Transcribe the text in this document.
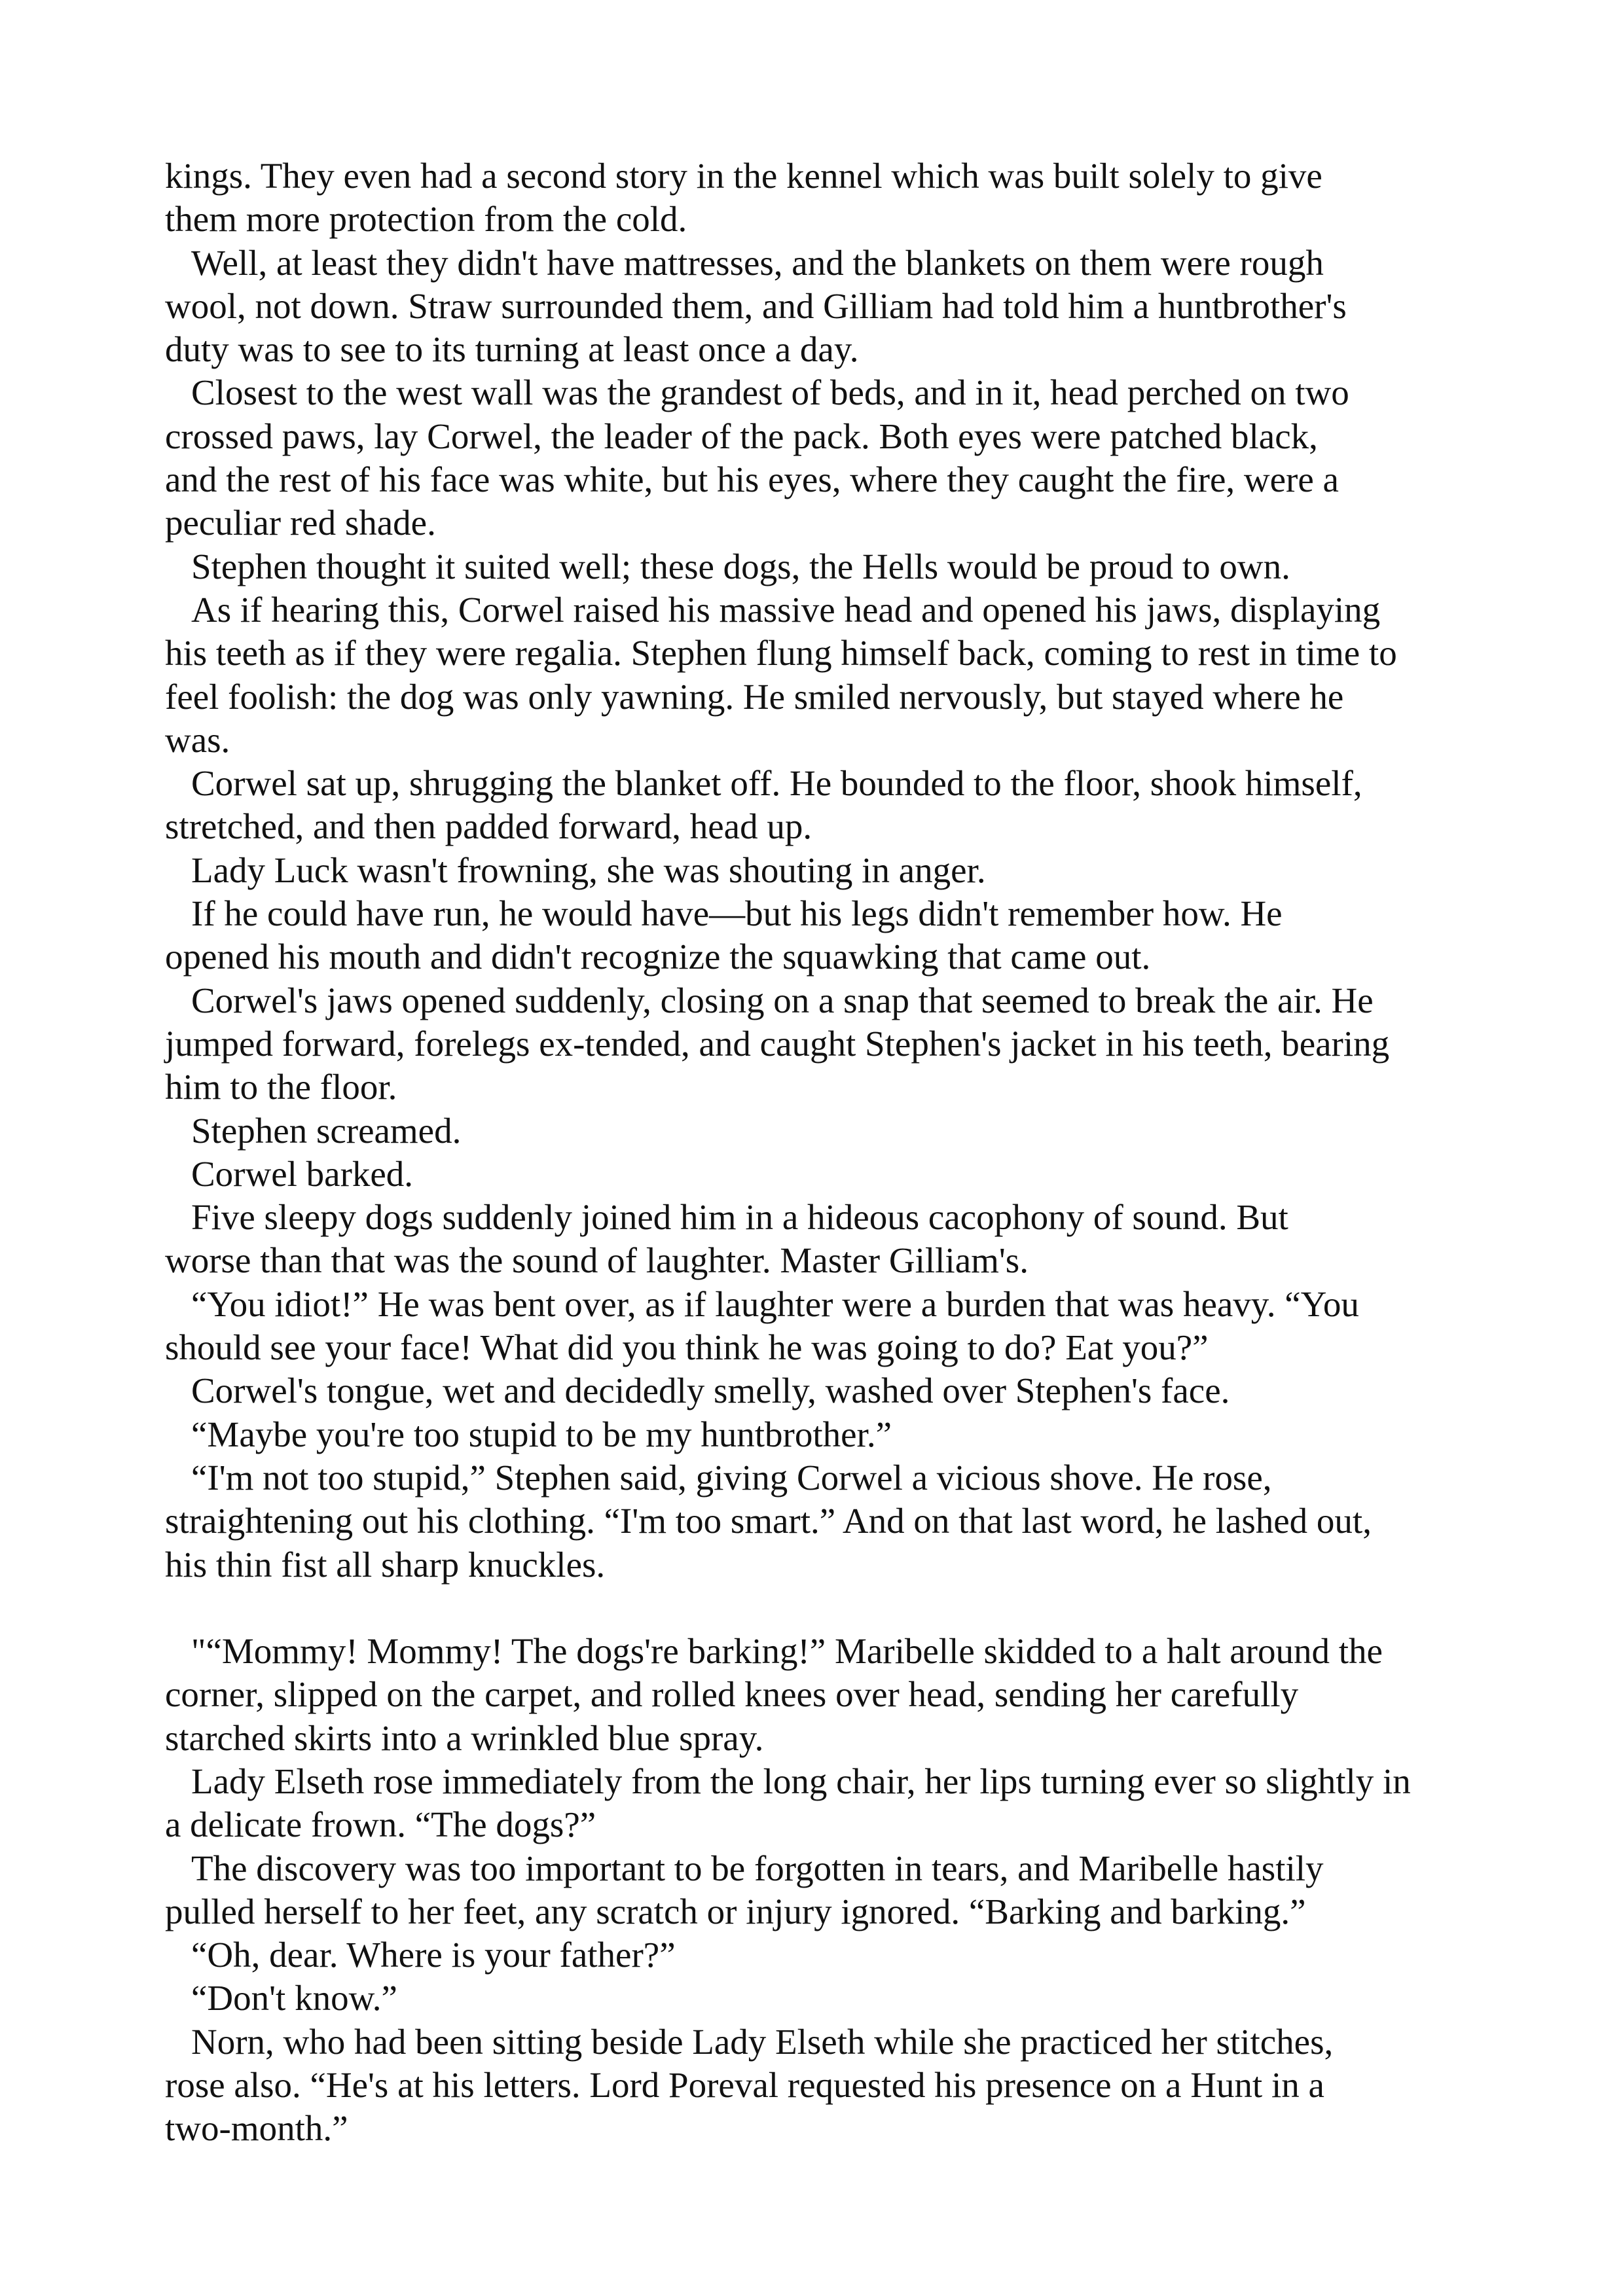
kings. They even had a second story in the kennel which was built solely to give
them more protection from the cold.
Well, at least they didn't have mattresses, and the blankets on them were rough
wool, not down. Straw surrounded them, and Gilliam had told him a huntbrother's
duty was to see to its turning at least once a day.
Closest to the west wall was the grandest of beds, and in it, head perched on two
crossed paws, lay Corwel, the leader of the pack. Both eyes were patched black,
and the rest of his face was white, but his eyes, where they caught the fire, were a
peculiar red shade.
Stephen thought it suited well; these dogs, the Hells would be proud to own.
As if hearing this, Corwel raised his massive head and opened his jaws, displaying
his teeth as if they were regalia. Stephen flung himself back, coming to rest in time to
feel foolish: the dog was only yawning. He smiled nervously, but stayed where he
was.
Corwel sat up, shrugging the blanket off. He bounded to the floor, shook himself,
stretched, and then padded forward, head up.
Lady Luck wasn't frowning, she was shouting in anger.
If he could have run, he would have—but his legs didn't remember how. He
opened his mouth and didn't recognize the squawking that came out.
Corwel's jaws opened suddenly, closing on a snap that seemed to break the air. He
jumped forward, forelegs ex-tended, and caught Stephen's jacket in his teeth, bearing
him to the floor.
Stephen screamed.
Corwel barked.
Five sleepy dogs suddenly joined him in a hideous cacophony of sound. But
worse than that was the sound of laughter. Master Gilliam's.
“You idiot!” He was bent over, as if laughter were a burden that was heavy. “You
should see your face! What did you think he was going to do? Eat you?”
Corwel's tongue, wet and decidedly smelly, washed over Stephen's face.
“Maybe you're too stupid to be my huntbrother.”
“I'm not too stupid,” Stephen said, giving Corwel a vicious shove. He rose,
straightening out his clothing. “I'm too smart.” And on that last word, he lashed out,
his thin fist all sharp knuckles.
"“Mommy! Mommy! The dogs're barking!” Maribelle skidded to a halt around the
corner, slipped on the carpet, and rolled knees over head, sending her carefully
starched skirts into a wrinkled blue spray.
Lady Elseth rose immediately from the long chair, her lips turning ever so slightly in
a delicate frown. “The dogs?”
The discovery was too important to be forgotten in tears, and Maribelle hastily
pulled herself to her feet, any scratch or injury ignored. “Barking and barking.”
“Oh, dear. Where is your father?”
“Don't know.”
Norn, who had been sitting beside Lady Elseth while she practiced her stitches,
rose also. “He's at his letters. Lord Poreval requested his presence on a Hunt in a
two-month.”
